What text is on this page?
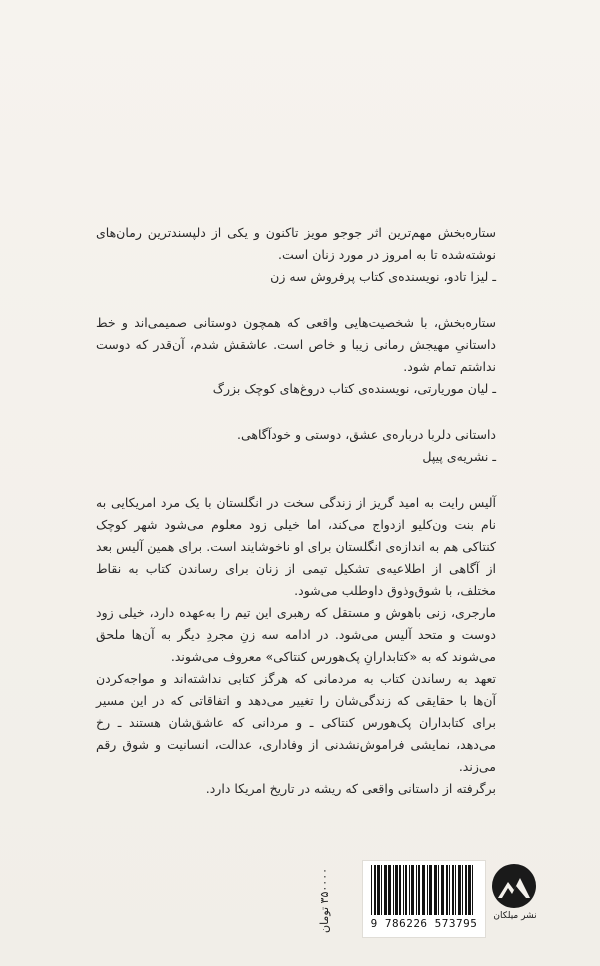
ستاره‌بخش مهم‌ترین اثر جوجو مویز تاکنون و یکی از دلپسندترین رمان‌های نوشته‌شده تا به امروز در مورد زنان است.

ـ لیزا تادو، نویسنده‌ی کتاب پرفروش سه زن

ستاره‌بخش، با شخصیت‌هایی واقعی که همچون دوستانی صمیمی‌اند و خط داستانیِ مهیجش رمانی زیبا و خاص است. عاشقش شدم، آن‌قدر که دوست نداشتم تمام شود.

ـ لیان موریارتی، نویسنده‌ی کتاب دروغ‌های کوچک بزرگ

داستانی دلربا درباره‌ی عشق، دوستی و خودآگاهی.

ـ نشریه‌ی پیپل

آلیس رایت به امید گریز از زندگی سخت در انگلستان با یک مرد امریکایی به نام بنت ون‌کلیو ازدواج می‌کند، اما خیلی زود معلوم می‌شود شهر کوچک کنتاکی هم به اندازه‌ی انگلستان برای او ناخوشایند است. برای همین آلیس بعد از آگاهی از اطلاعیه‌ی تشکیل تیمی از زنان برای رساندن کتاب به نقاط مختلف، با شوق‌وذوق داوطلب می‌شود.

مارجری، زنی باهوش و مستقل که رهبری این تیم را به‌عهده دارد، خیلی زود دوست و متحد آلیس می‌شود. در ادامه سه زنِ مجردِ دیگر به آن‌ها ملحق می‌شوند که به «کتابدارانِ پک‌هورس کنتاکی» معروف می‌شوند.

تعهد به رساندن کتاب به مردمانی که هرگز کتابی نداشته‌اند و مواجه‌کردن آن‌ها با حقایقی که زندگی‌شان را تغییر می‌دهد و اتفاقاتی که در این مسیر برای کتابداران پک‌هورس کنتاکی ـ و مردانی که عاشق‌شان هستند ـ رخ می‌دهد، نمایشی فراموش‌نشدنی از وفاداری، عدالت، انسانیت و شوق رقم می‌زند.

برگرفته از داستانی واقعی که ریشه در تاریخ امریکا دارد.

۳۵۰۰۰۰ تومان
9 786226 573795
نشر میلکان
